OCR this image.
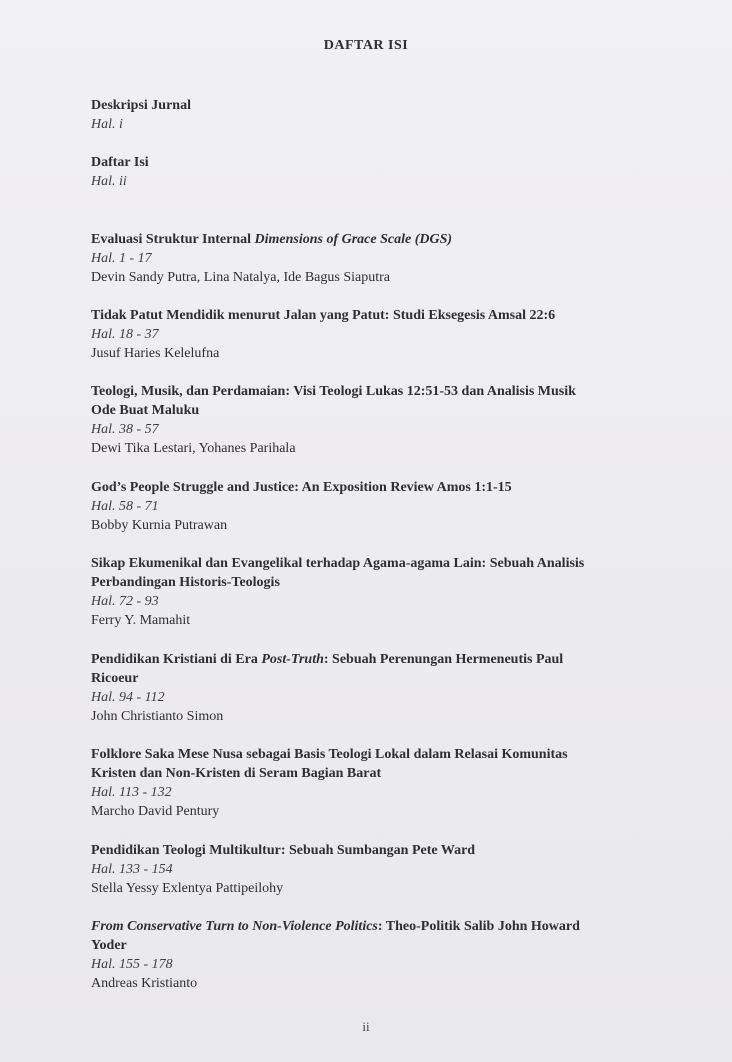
DAFTAR ISI
Deskripsi Jurnal
Hal. i
Daftar Isi
Hal. ii
Evaluasi Struktur Internal Dimensions of Grace Scale (DGS)
Hal. 1 - 17
Devin Sandy Putra, Lina Natalya, Ide Bagus Siaputra
Tidak Patut Mendidik menurut Jalan yang Patut: Studi Eksegesis Amsal 22:6
Hal. 18 - 37
Jusuf Haries Kelelufna
Teologi, Musik, dan Perdamaian: Visi Teologi Lukas 12:51-53 dan Analisis Musik
Ode Buat Maluku
Hal. 38 - 57
Dewi Tika Lestari, Yohanes Parihala
God’s People Struggle and Justice: An Exposition Review Amos 1:1-15
Hal. 58 - 71
Bobby Kurnia Putrawan
Sikap Ekumenikal dan Evangelikal terhadap Agama-agama Lain: Sebuah Analisis
Perbandingan Historis-Teologis
Hal. 72 - 93
Ferry Y. Mamahit
Pendidikan Kristiani di Era Post-Truth: Sebuah Perenungan Hermeneutis Paul
Ricoeur
Hal. 94 - 112
John Christianto Simon
Folklore Saka Mese Nusa sebagai Basis Teologi Lokal dalam Relasai Komunitas
Kristen dan Non-Kristen di Seram Bagian Barat
Hal. 113 - 132
Marcho David Pentury
Pendidikan Teologi Multikultur: Sebuah Sumbangan Pete Ward
Hal. 133 - 154
Stella Yessy Exlentya Pattipeilohy
From Conservative Turn to Non-Violence Politics: Theo-Politik Salib John Howard
Yoder
Hal. 155 - 178
Andreas Kristianto
ii
